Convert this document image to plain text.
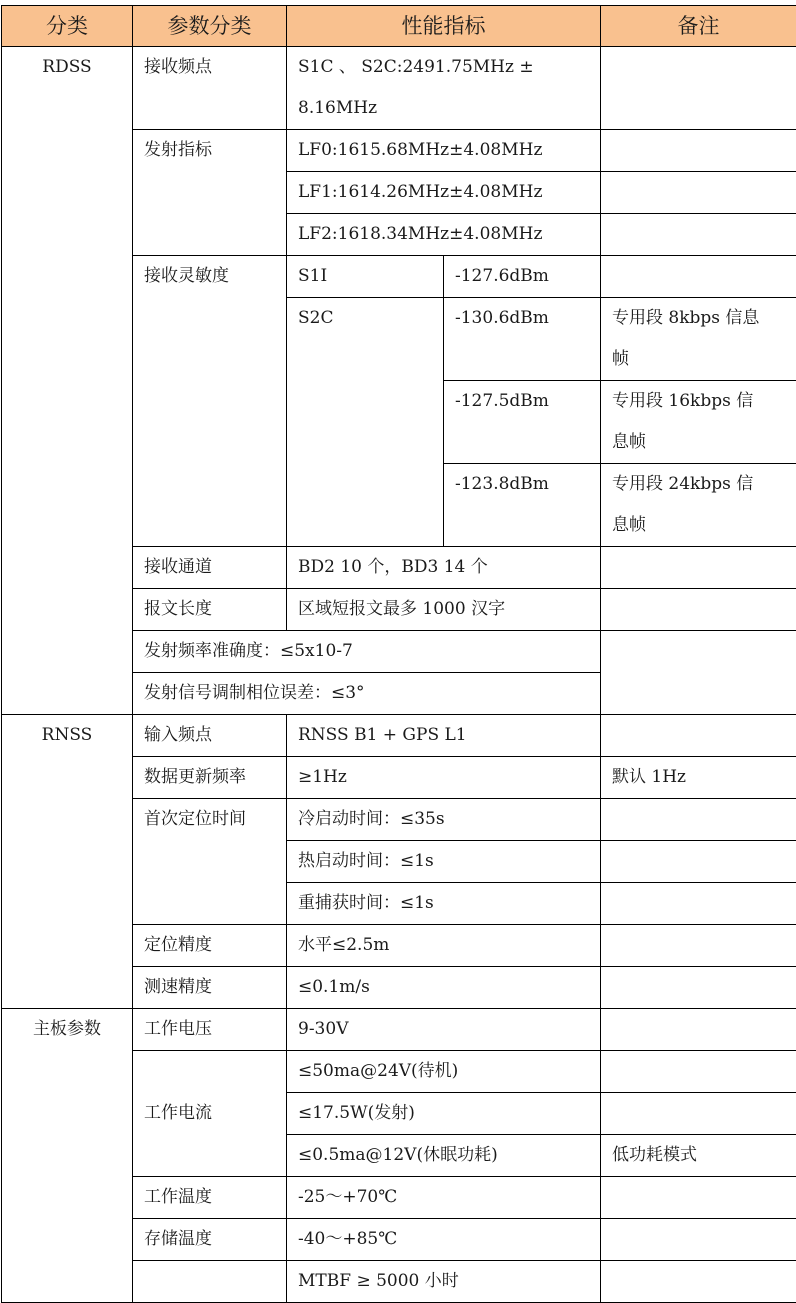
分类	参数分类	性能指标		备注
RDSS	接收频点	S1C 、 S2C:2491.75MHz ±
8.16MHz		

	发射指标	LF0:1615.68MHz±4.08MHz		
		LF1:1614.26MHz±4.08MHz		
		LF2:1618.34MHz±4.08MHz		
	接收灵敏度	S1I	-127.6dBm	
		S2C	-130.6dBm	专用段 8kbps 信息
帧

			-127.5dBm	专用段 16kbps 信
息帧

			-123.8dBm	专用段 24kbps 信
息帧

	接收通道	BD2 10 个，BD3 14 个		
	报文长度	区域短报文最多 1000 汉字		
	发射频率准确度：≤5x10-7			
	发射信号调制相位误差：≤3°			
RNSS	输入频点	RNSS B1 + GPS L1		
	数据更新频率	≥1Hz		默认 1Hz
	首次定位时间	冷启动时间：≤35s		
		热启动时间：≤1s		
		重捕获时间：≤1s		
	定位精度	水平≤2.5m		
	测速精度	≤0.1m/s		
主板参数	工作电压	9-30V		
	工作电流	≤50ma@24V(待机)		
		≤17.5W(发射)		
		≤0.5ma@12V(休眠功耗)		低功耗模式
	工作温度	-25～+70℃		
	存储温度	-40～+85℃		
		MTBF ≥ 5000 小时		
